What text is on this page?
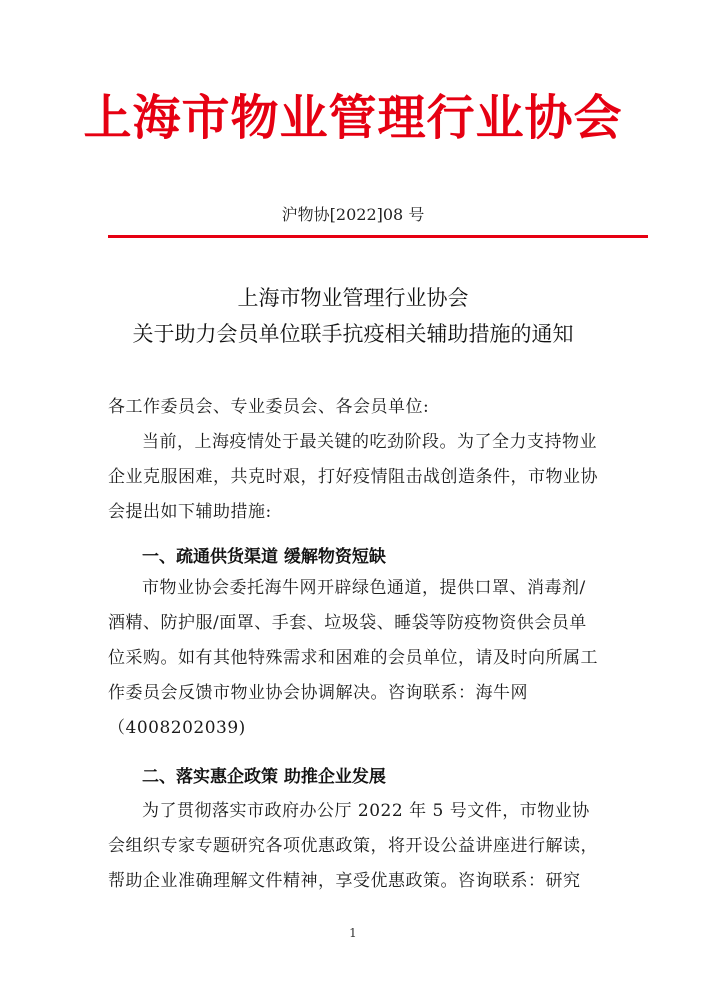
上海市物业管理行业协会
沪物协[2022]08 号
上海市物业管理行业协会
关于助力会员单位联手抗疫相关辅助措施的通知
各工作委员会、专业委员会、各会员单位:
当前，上海疫情处于最关键的吃劲阶段。为了全力支持物业企业克服困难，共克时艰，打好疫情阻击战创造条件，市物业协会提出如下辅助措施:
一、疏通供货渠道 缓解物资短缺
市物业协会委托海牛网开辟绿色通道，提供口罩、消毒剂/酒精、防护服/面罩、手套、垃圾袋、睡袋等防疫物资供会员单位采购。如有其他特殊需求和困难的会员单位，请及时向所属工作委员会反馈市物业协会协调解决。咨询联系：海牛网（4008202039)
二、落实惠企政策 助推企业发展
为了贯彻落实市政府办公厅 2022 年 5 号文件，市物业协会组织专家专题研究各项优惠政策，将开设公益讲座进行解读，帮助企业准确理解文件精神，享受优惠政策。咨询联系：研究
1
